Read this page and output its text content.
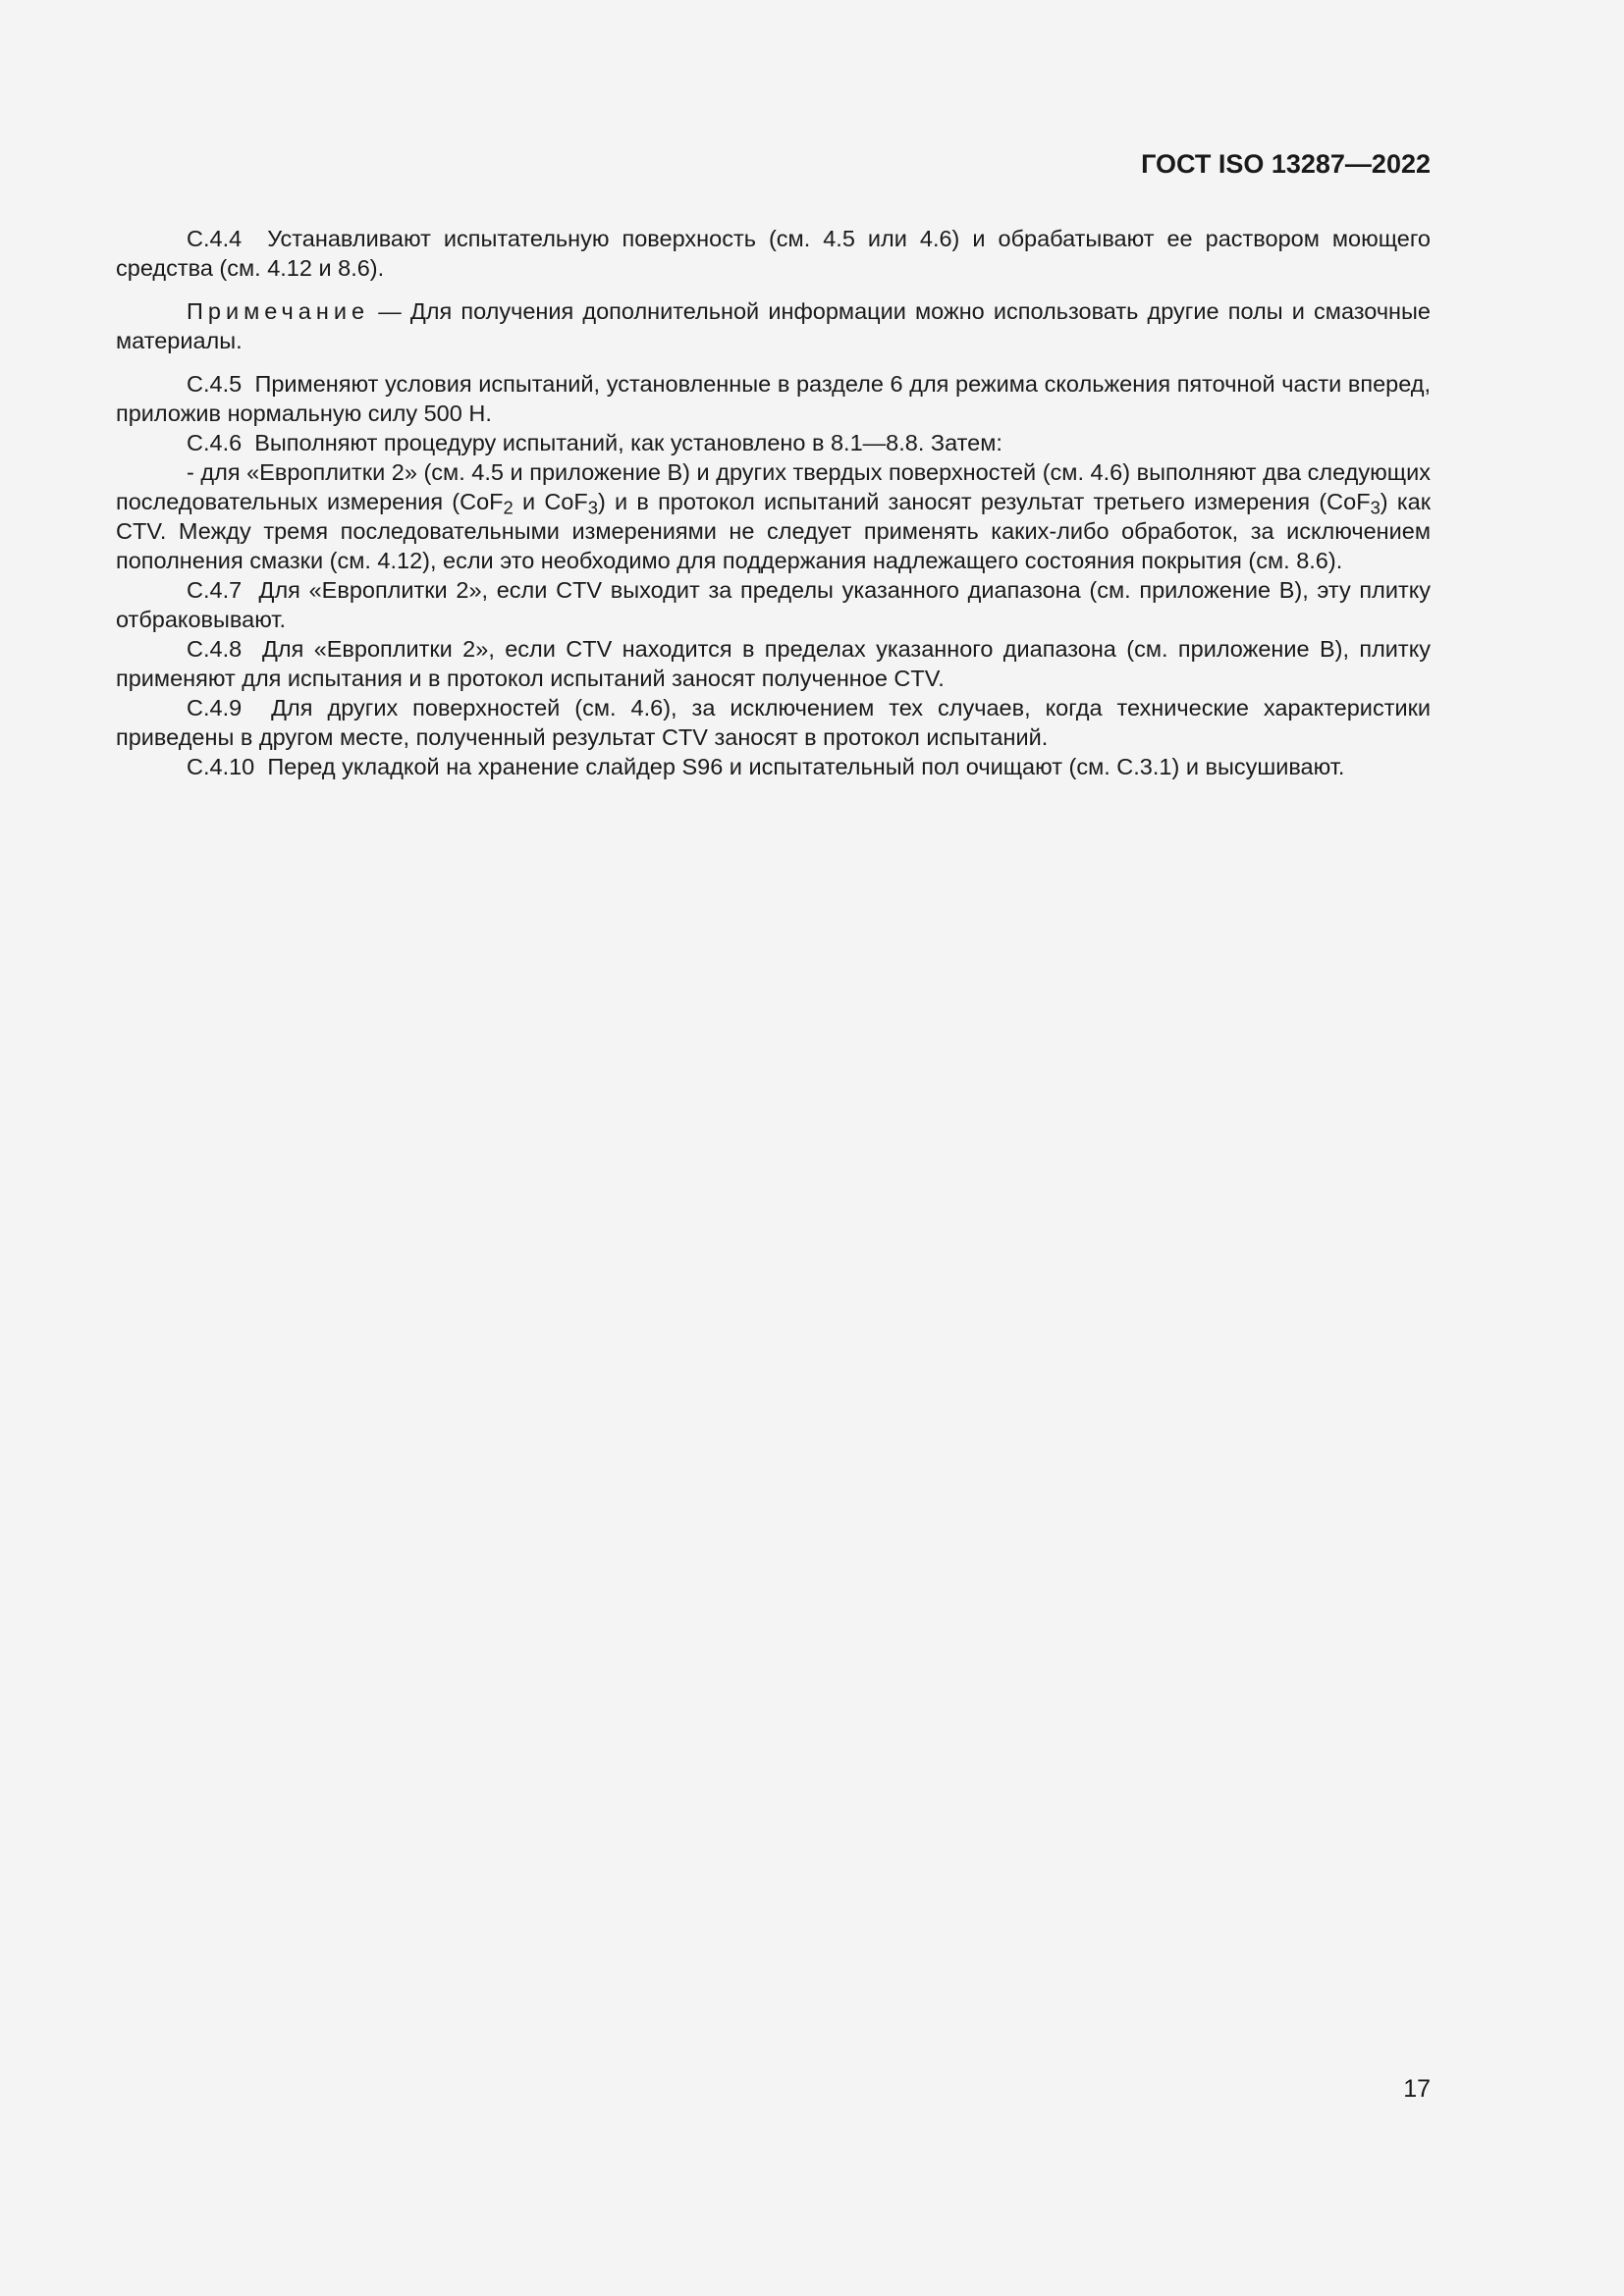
ГОСТ ISO 13287—2022

С.4.4 Устанавливают испытательную поверхность (см. 4.5 или 4.6) и обрабатывают ее раствором моющего средства (см. 4.12 и 8.6).

Примечание — Для получения дополнительной информации можно использовать другие полы и смазочные материалы.

С.4.5 Применяют условия испытаний, установленные в разделе 6 для режима скольжения пяточной части вперед, приложив нормальную силу 500 Н.

С.4.6 Выполняют процедуру испытаний, как установлено в 8.1—8.8. Затем:

- для «Европлитки 2» (см. 4.5 и приложение В) и других твердых поверхностей (см. 4.6) выполняют два следующих последовательных измерения (CoF$_2$ и CoF$_3$) и в протокол испытаний заносят результат третьего измерения (CoF$_3$) как CTV. Между тремя последовательными измерениями не следует применять каких-либо обработок, за исключением пополнения смазки (см. 4.12), если это необходимо для поддержания надлежащего состояния покрытия (см. 8.6).

С.4.7 Для «Европлитки 2», если CTV выходит за пределы указанного диапазона (см. приложение В), эту плитку отбраковывают.

С.4.8 Для «Европлитки 2», если CTV находится в пределах указанного диапазона (см. приложение В), плитку применяют для испытания и в протокол испытаний заносят полученное CTV.

С.4.9 Для других поверхностей (см. 4.6), за исключением тех случаев, когда технические характеристики приведены в другом месте, полученный результат CTV заносят в протокол испытаний.

С.4.10 Перед укладкой на хранение слайдер S96 и испытательный пол очищают (см. С.3.1) и высушивают.

17
